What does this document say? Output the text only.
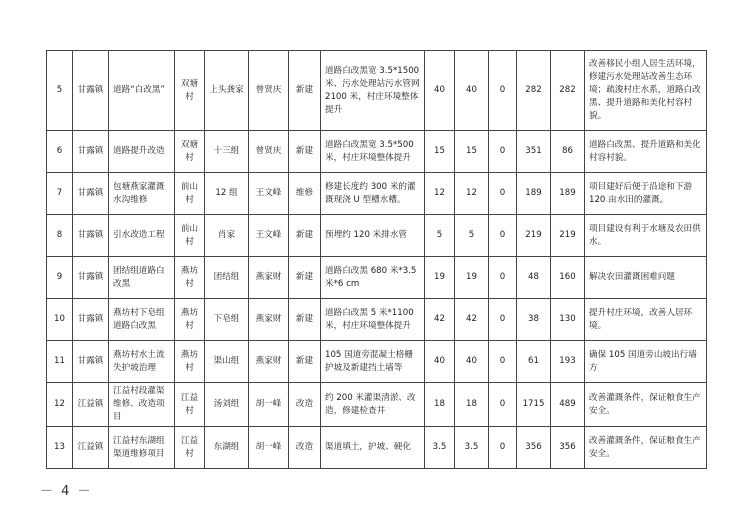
5	甘露镇	道路“白改黑”	双塘村	上头龚家	曾贤庆	新建	道路白改黑宽 3.5*1500米、污水处理站污水管网2100 米，村庄环境整体提升	40	40	0	282	282	改善移民小组人居生活环境，修建污水处理站改善生态环境；疏浚村庄水系，道路白改黑、提升道路和美化村容村貌。
6	甘露镇	道路提升改造	双塘村	十三组	曾贤庆	新建	道路白改黑宽 3.5*500米，村庄环境整体提升	15	15	0	351	86	道路白改黑、提升道路和美化村容村貌。
7	甘露镇	包塘燕家灌溉水沟维修	前山村	12 组	王文峰	维修	修建长度约 300 米的灌溉现浇 U 型槽水槽。	12	12	0	189	189	项目建好后便于沿途和下游120 亩水田的灌溉。
8	甘露镇	引水改造工程	前山村	肖家	王文峰	新建	预埋约 120 米排水管	5	5	0	219	219	项目建设有利于水塘及农田供水。
9	甘露镇	团结组道路白改黑	燕坊村	团结组	燕家财	新建	道路白改黑 680 米*3.5 米*6 cm	19	19	0	48	160	解决农田灌溉困难问题
10	甘露镇	燕坊村下皂组道路白改黑	燕坊村	下皂组	燕家财	新建	道路白改黑 5 米*1100 米，村庄环境整体提升	42	42	0	38	130	提升村庄环境，改善人居环境。
11	甘露镇	燕坊村水土流失护坡治理	燕坊村	渠山组	燕家财	新建	105 国道旁混凝土格栅护坡及新建挡土墙等	40	40	0	61	193	确保 105 国道旁山坡出行墙方
12	江益镇	江益村段灌渠维修、改造项目	江益村	汤刘组	胡一峰	改造	约 200 米灌渠清淤、改造，修建检查井	18	18	0	1715	489	改善灌溉条件，保证粮食生产安全。
13	江益镇	江益村东湖组渠道维修项目	江益村	东湖组	胡一峰	改造	渠道填土，护坡、硬化	3.5	3.5	0	356	356	改善灌溉条件，保证粮食生产安全。
－ 4 －
